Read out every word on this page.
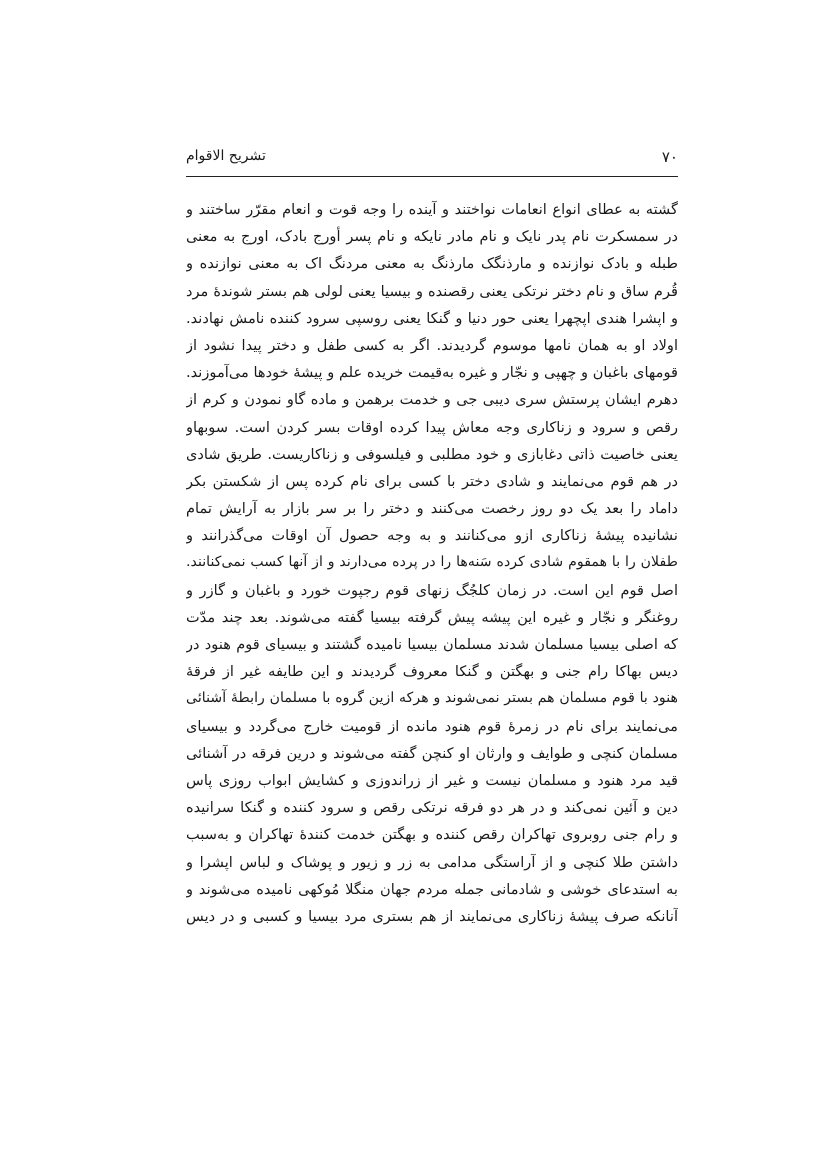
۷۰
تشریح الاقوام
گشته به عطای انواع انعامات نواختند و آینده را وجه قوت و انعام مقرّر ساختند و
در سمسکرت نام پدر نایک و نام مادر نایکه و نام پسر أورج بادک، اورج به معنی
طبله و بادک نوازنده و مارذنگک مارذنگ به معنی مردنگ اک به معنی نوازنده و
قُرم ساق و نام دختر نرتکی یعنی رقصنده و بیسیا یعنی لولی هم بستر شوندهٔ مرد
و اپشرا هندی اپچهرا یعنی حور دنیا و گنکا یعنی روسپی سرود کننده نامش نهادند.
اولاد او به همان نامها موسوم گردیدند. اگر به کسی طفل و دختر پیدا نشود از
قومهای باغبان و چهپی و نجّار و غیره به‌قیمت خریده علم و پیشهٔ خودها می‌آموزند.
دهرم ایشان پرستش سری دیبی جی و خدمت برهمن و ماده گاو نمودن و کرم از
رقص و سرود و زناکاری وجه معاش پیدا کرده اوقات بسر کردن است. سوبهاو
یعنی خاصیت ذاتی دغابازی و خود مطلبی و فیلسوفی و زناکاریست. طریق شادی
در هم قوم می‌نمایند و شادی دختر با کسی برای نام کرده پس از شکستن بکر
داماد را بعد یک دو روز رخصت می‌کنند و دختر را بر سر بازار به آرایش تمام
نشانیده پیشهٔ زناکاری ازو می‌کنانند و به وجه حصول آن اوقات می‌گذرانند و
طفلان را با همقوم شادی کرده سَنه‌ها را در پرده می‌دارند و از آنها کسب نمی‌کنانند.
اصل قوم این است. در زمان کلجُگ زنهای قوم رجپوت خورد و باغبان و گازر و
روغنگر و نجّار و غیره این پیشه پیش گرفته بیسیا گفته می‌شوند. بعد چند مدّت
که اصلی بیسیا مسلمان شدند مسلمان بیسیا نامیده گشتند و بیسیای قوم هنود در
دیس بهاکا رام جنی و بهگتن و گنکا معروف گردیدند و این طایفه غیر از فرقهٔ
هنود با قوم مسلمان هم بستر نمی‌شوند و هرکه ازین گروه با مسلمان رابطهٔ آشنائی
می‌نمایند برای نام در زمرهٔ قوم هنود مانده از قومیت خارج می‌گردد و بیسیای
مسلمان کنچی و طوایف و وارثان او کنچن گفته می‌شوند و درین فرقه در آشنائی
قید مرد هنود و مسلمان نیست و غیر از زراندوزی و کشایش ابواب روزی پاس
دین و آئین نمی‌کند و در هر دو فرقه نرتکی رقص و سرود کننده و گنکا سرانیده
و رام جنی روبروی تهاکران رقص کننده و بهگتن خدمت کنندهٔ تهاکران و به‌سبب
داشتن طلا کنچی و از آراستگی مدامی به زر و زیور و پوشاک و لباس اپشرا و
به استدعای خوشی و شادمانی جمله مردم جهان منگلا مُوکهی نامیده می‌شوند و
آنانکه صرف پیشهٔ زناکاری می‌نمایند از هم بستری مرد بیسیا و کسبی و در دیس
